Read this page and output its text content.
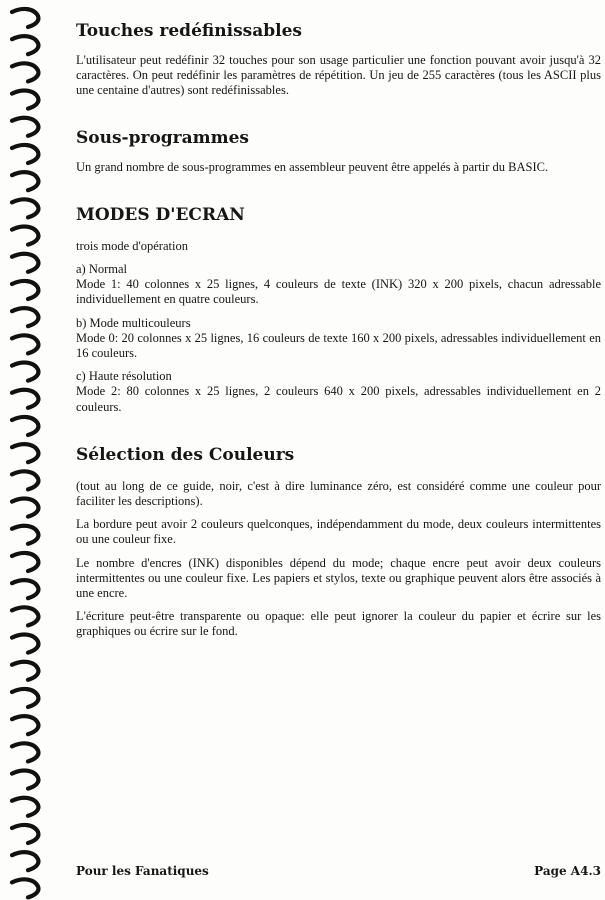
Touches redéfinissables

L'utilisateur peut redéfinir 32 touches pour son usage particulier une fonction pouvant avoir jusqu'à 32 caractères. On peut redéfinir les paramètres de répétition. Un jeu de 255 caractères (tous les ASCII plus une centaine d'autres) sont redéfinissables.

Sous-programmes

Un grand nombre de sous-programmes en assembleur peuvent être appelés à partir du BASIC.

MODES D'ECRAN

trois mode d'opération

a) Normal

Mode 1: 40 colonnes x 25 lignes, 4 couleurs de texte (INK) 320 x 200 pixels, chacun adressable individuellement en quatre couleurs.

b) Mode multicouleurs

Mode 0: 20 colonnes x 25 lignes, 16 couleurs de texte 160 x 200 pixels, adressables individuellement en 16 couleurs.

c) Haute résolution

Mode 2: 80 colonnes x 25 lignes, 2 couleurs 640 x 200 pixels, adressables individuellement en 2 couleurs.

Sélection des Couleurs

(tout au long de ce guide, noir, c'est à dire luminance zéro, est considéré comme une couleur pour faciliter les descriptions).

La bordure peut avoir 2 couleurs quelconques, indépendamment du mode, deux couleurs intermittentes ou une couleur fixe.

Le nombre d'encres (INK) disponibles dépend du mode; chaque encre peut avoir deux couleurs intermittentes ou une couleur fixe. Les papiers et stylos, texte ou graphique peuvent alors être associés à une encre.

L'écriture peut-être transparente ou opaque: elle peut ignorer la couleur du papier et écrire sur les graphiques ou écrire sur le fond.

Pour les Fanatiques	Page A4.3
